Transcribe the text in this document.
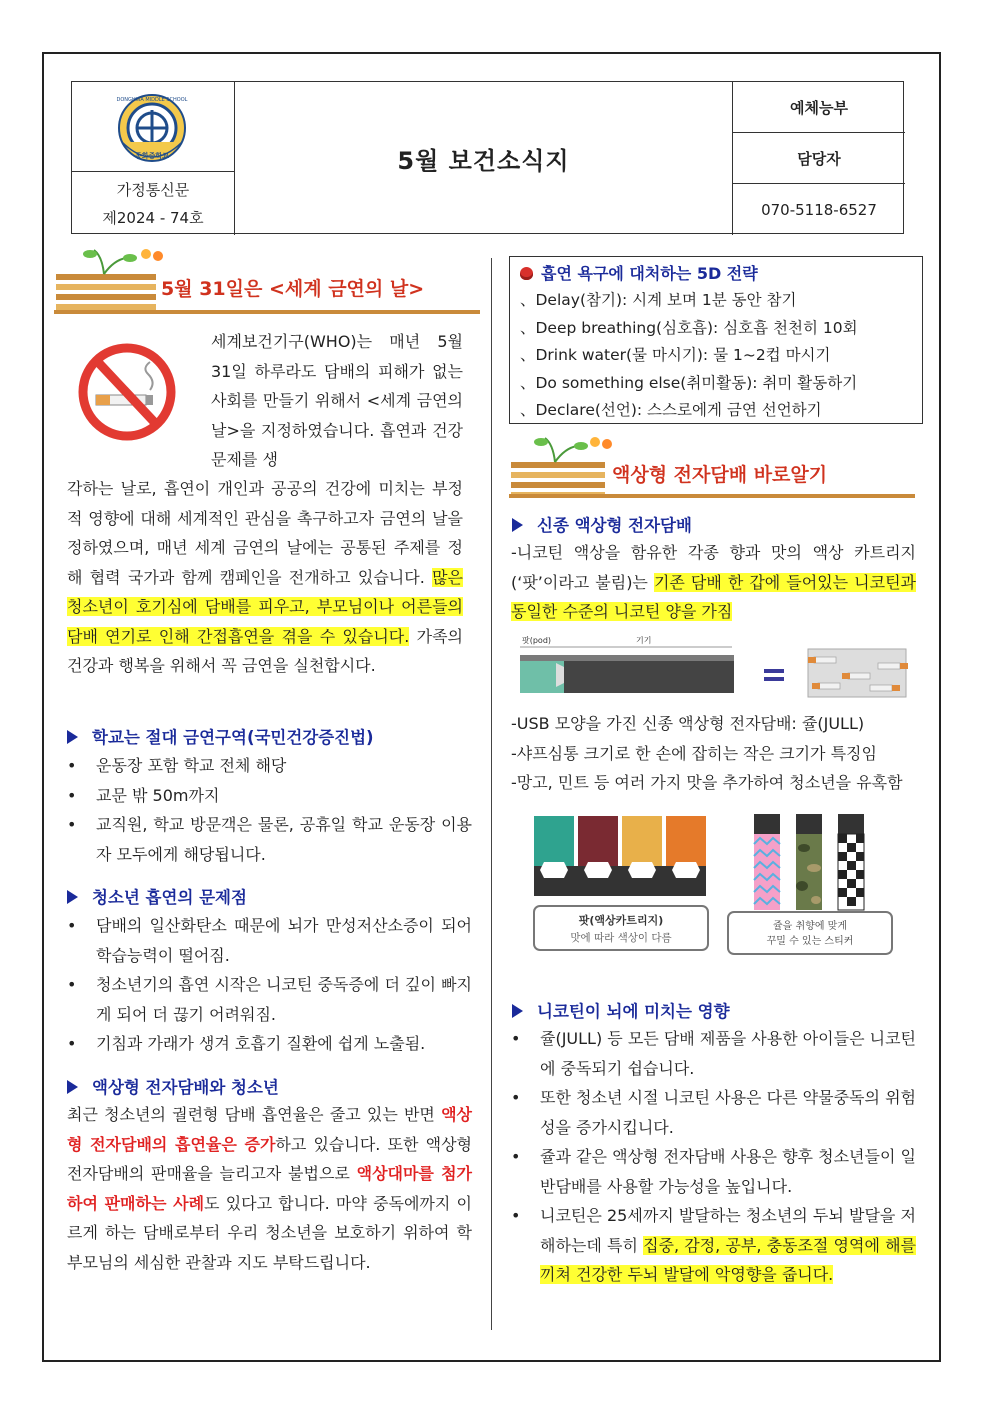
동화중학교
DONGHWA MIDDLE SCHOOL
가정통신문
제2024 - 74호
5월 보건소식지
예체능부
담당자
070-5118-6527
5월 31일은 <세계 금연의 날>
세계보건기구(WHO)는 매년 5월 31일 하루라도 담배의 피해가 없는 사회를 만들기 위해서 <세계 금연의 날>을 지정하였습니다. 흡연과 건강 문제를 생
각하는 날로, 흡연이 개인과 공공의 건강에 미치는 부정적 영향에 대해 세계적인 관심을 촉구하고자 금연의 날을 정하였으며, 매년 세계 금연의 날에는 공통된 주제를 정해 협력 국가과 함께 캠페인을 전개하고 있습니다. 많은 청소년이 호기심에 담배를 피우고, 부모님이나 어른들의 담배 연기로 인해 간접흡연을 겪을 수 있습니다. 가족의 건강과 행복을 위해서 꼭 금연을 실천합시다.
학교는 절대 금연구역(국민건강증진법)
• 운동장 포함 학교 전체 해당
• 교문 밖 50m까지
• 교직원, 학교 방문객은 물론, 공휴일 학교 운동장 이용자 모두에게 해당됩니다.
청소년 흡연의 문제점
• 담배의 일산화탄소 때문에 뇌가 만성저산소증이 되어 학습능력이 떨어짐.
• 청소년기의 흡연 시작은 니코틴 중독증에 더 깊이 빠지게 되어 더 끊기 어려워짐.
• 기침과 가래가 생겨 호흡기 질환에 쉽게 노출됨.
액상형 전자담배와 청소년
최근 청소년의 궐련형 담배 흡연율은 줄고 있는 반면 액상형 전자담배의 흡연율은 증가하고 있습니다. 또한 액상형 전자담배의 판매율을 늘리고자 불법으로 액상대마를 첨가하여 판매하는 사례도 있다고 합니다. 마약 중독에까지 이르게 하는 담배로부터 우리 청소년을 보호하기 위하여 학부모님의 세심한 관찰과 지도 부탁드립니다.
흡연 욕구에 대처하는 5D 전략
、Delay(참기): 시계 보며 1분 동안 참기
、Deep breathing(심호흡): 심호흡 천천히 10회
、Drink water(물 마시기): 물 1~2컵 마시기
、Do something else(취미활동): 취미 활동하기
、Declare(선언): 스스로에게 금연 선언하기
액상형 전자담배 바로알기
신종 액상형 전자담배
-니코틴 액상을 함유한 각종 향과 맛의 액상 카트리지(‘팟’이라고 불림)는 기존 담배 한 갑에 들어있는 니코틴과 동일한 수준의 니코틴 양을 가짐
팟(pod)	기기
-USB 모양을 가진 신종 액상형 전자담배: 쥴(JULL)
-샤프심통 크기로 한 손에 잡히는 작은 크기가 특징임
-망고, 민트 등 여러 가지 맛을 추가하여 청소년을 유혹함
팟(액상카트리지)
맛에 따라 색상이 다름
쥴을 취향에 맞게
꾸밀 수 있는 스티커
니코틴이 뇌에 미치는 영향
• 쥴(JULL) 등 모든 담배 제품을 사용한 아이들은 니코틴에 중독되기 쉽습니다.
• 또한 청소년 시절 니코틴 사용은 다른 약물중독의 위험성을 증가시킵니다.
• 쥴과 같은 액상형 전자담배 사용은 향후 청소년들이 일반담배를 사용할 가능성을 높입니다.
• 니코틴은 25세까지 발달하는 청소년의 두뇌 발달을 저해하는데 특히 집중, 감정, 공부, 충동조절 영역에 해를 끼쳐 건강한 두뇌 발달에 악영향을 줍니다.
